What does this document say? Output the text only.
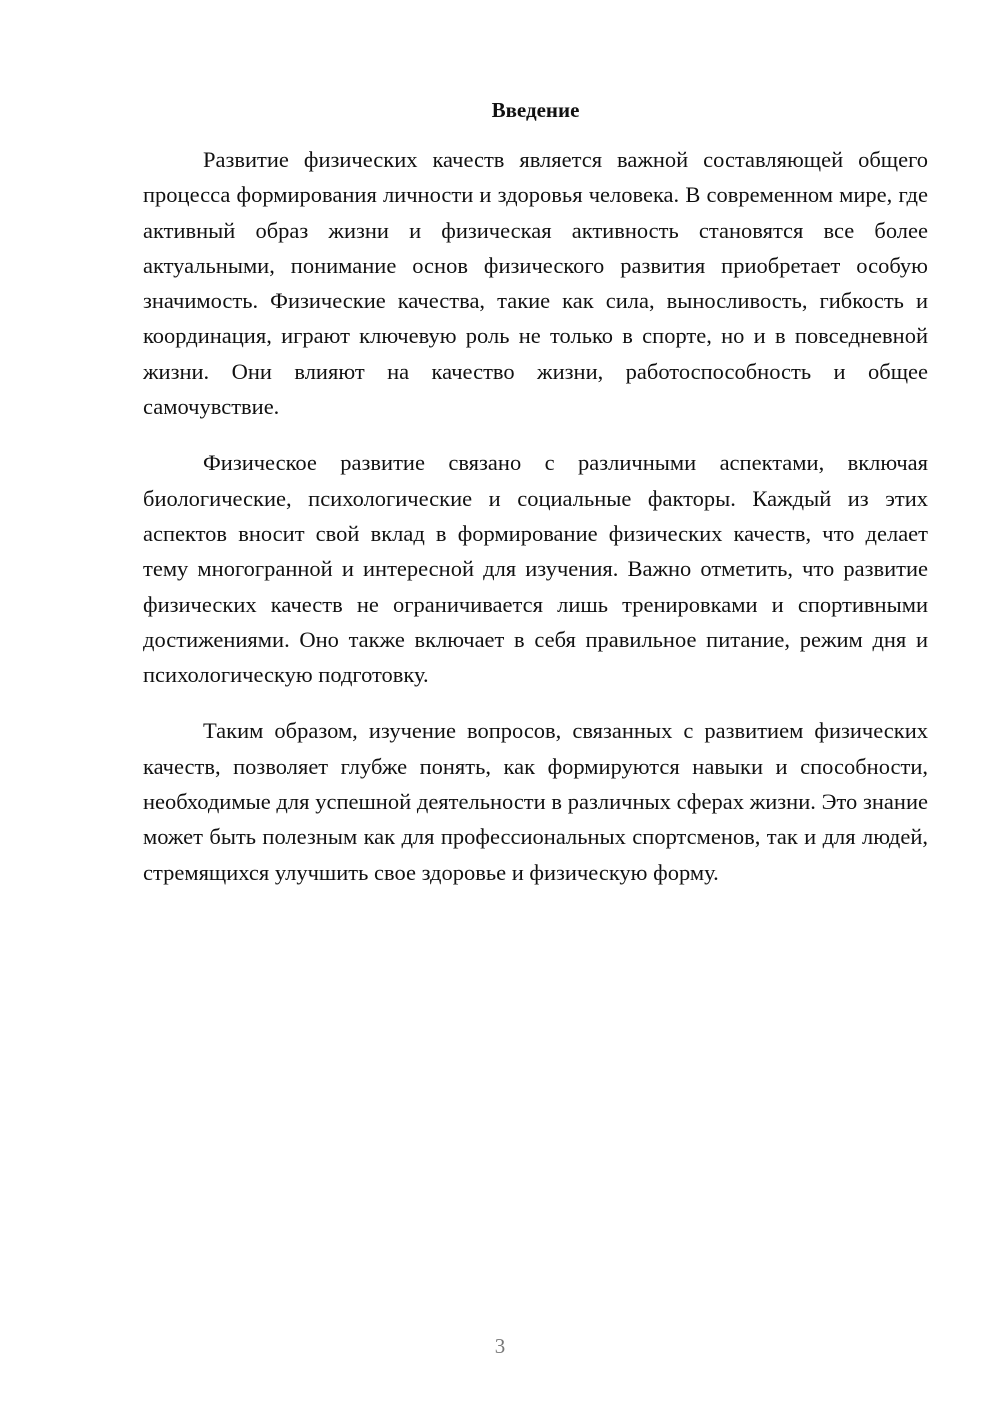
Введение

Развитие физических качеств является важной составляющей общего процесса формирования личности и здоровья человека. В современном мире, где активный образ жизни и физическая активность становятся все более актуальными, понимание основ физического развития приобретает особую значимость. Физические качества, такие как сила, выносливость, гибкость и координация, играют ключевую роль не только в спорте, но и в повседневной жизни. Они влияют на качество жизни, работоспособность и общее самочувствие.

Физическое развитие связано с различными аспектами, включая биологические, психологические и социальные факторы. Каждый из этих аспектов вносит свой вклад в формирование физических качеств, что делает тему многогранной и интересной для изучения. Важно отметить, что развитие физических качеств не ограничивается лишь тренировками и спортивными достижениями. Оно также включает в себя правильное питание, режим дня и психологическую подготовку.

Таким образом, изучение вопросов, связанных с развитием физических качеств, позволяет глубже понять, как формируются навыки и способности, необходимые для успешной деятельности в различных сферах жизни. Это знание может быть полезным как для профессиональных спортсменов, так и для людей, стремящихся улучшить свое здоровье и физическую форму.

3
